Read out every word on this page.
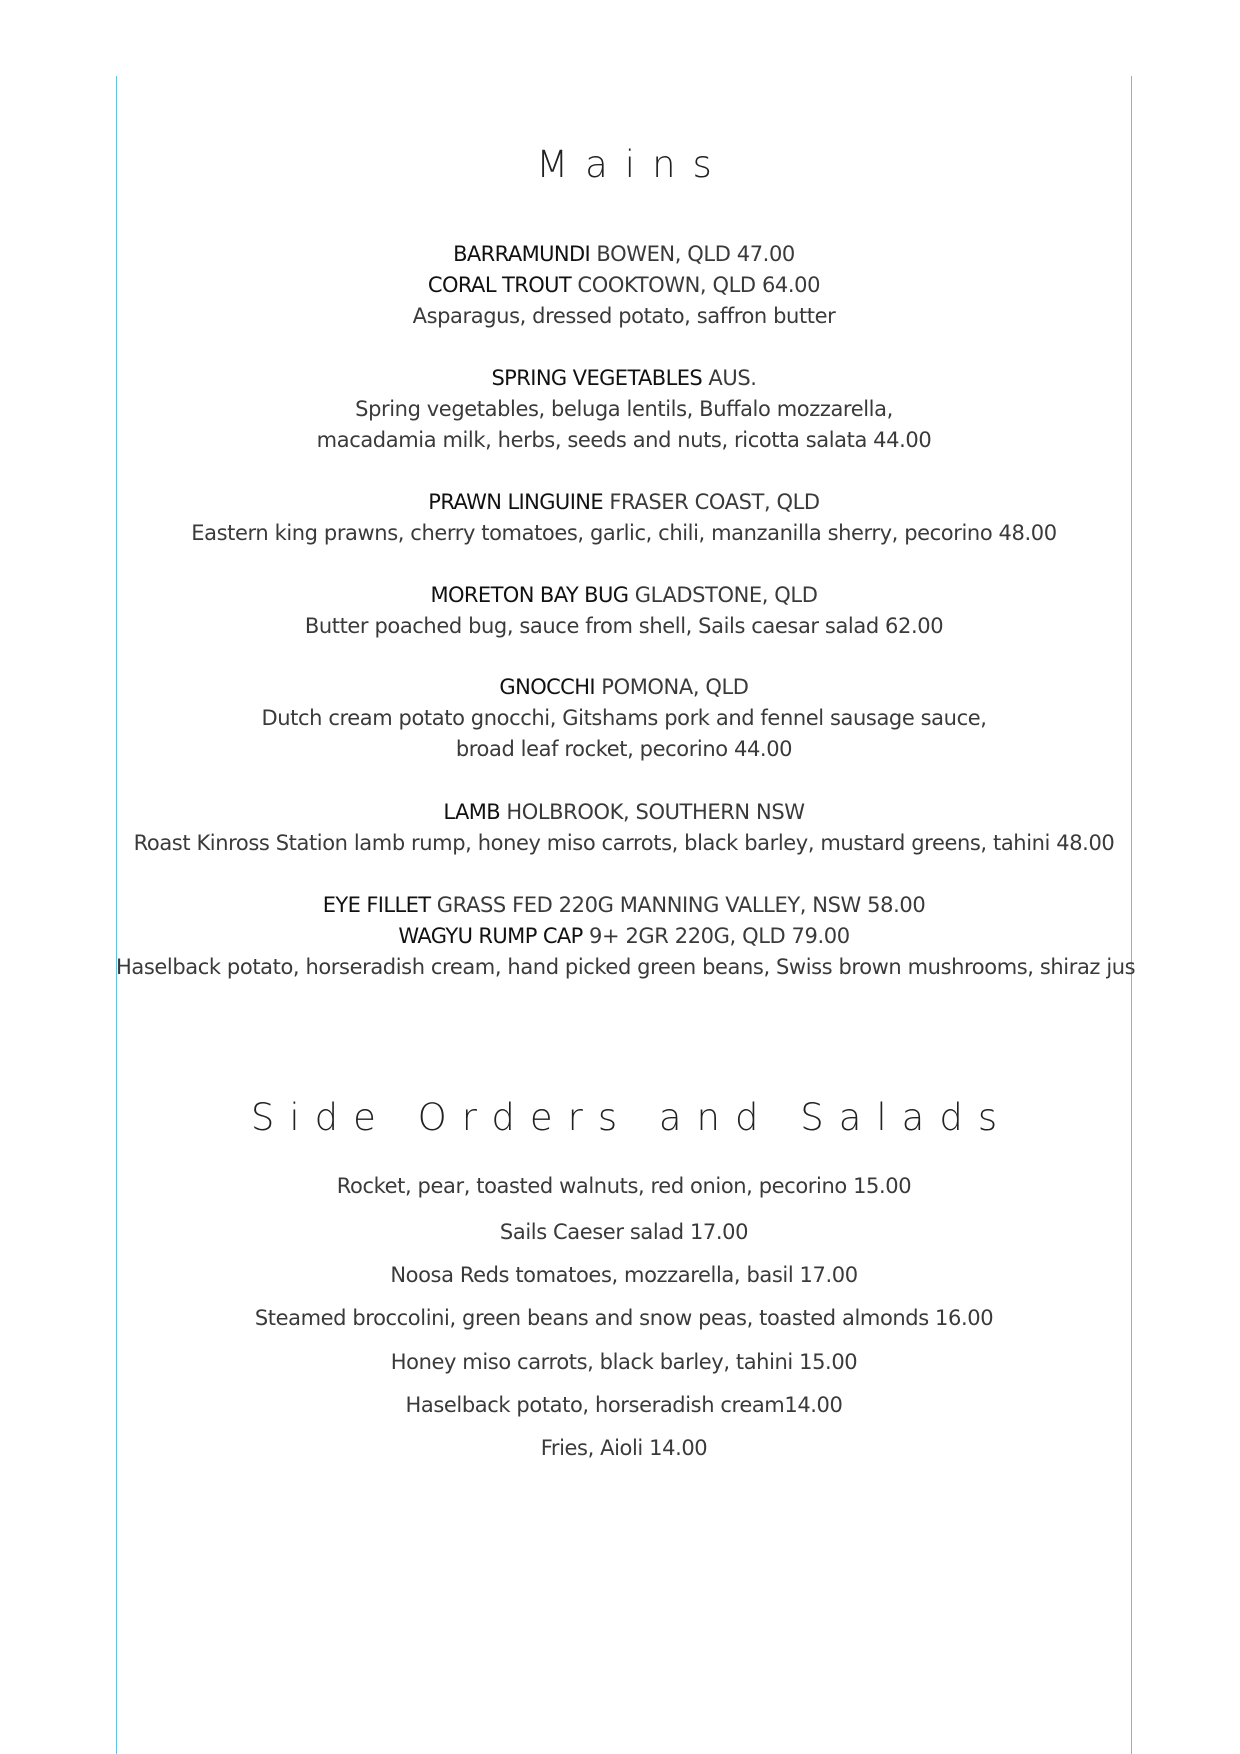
Mains
BARRAMUNDI BOWEN, QLD 47.00
CORAL TROUT COOKTOWN, QLD 64.00
Asparagus, dressed potato, saffron butter
SPRING VEGETABLES AUS.
Spring vegetables, beluga lentils, Buffalo mozzarella,
macadamia milk, herbs, seeds and nuts, ricotta salata 44.00
PRAWN LINGUINE FRASER COAST, QLD
Eastern king prawns, cherry tomatoes, garlic, chili, manzanilla sherry, pecorino 48.00
MORETON BAY BUG GLADSTONE, QLD
Butter poached bug, sauce from shell, Sails caesar salad 62.00
GNOCCHI POMONA, QLD
Dutch cream potato gnocchi, Gitshams pork and fennel sausage sauce,
broad leaf rocket, pecorino 44.00
LAMB HOLBROOK, SOUTHERN NSW
Roast Kinross Station lamb rump, honey miso carrots, black barley, mustard greens, tahini 48.00
EYE FILLET GRASS FED 220G MANNING VALLEY, NSW 58.00
WAGYU RUMP CAP 9+ 2GR 220G, QLD 79.00
Haselback potato, horseradish cream, hand picked green beans, Swiss brown mushrooms, shiraz jus
Side Orders and Salads
Rocket, pear, toasted walnuts, red onion, pecorino 15.00
Sails Caeser salad 17.00
Noosa Reds tomatoes, mozzarella, basil 17.00
Steamed broccolini, green beans and snow peas, toasted almonds 16.00
Honey miso carrots, black barley, tahini 15.00
Haselback potato, horseradish cream14.00
Fries, Aioli 14.00
